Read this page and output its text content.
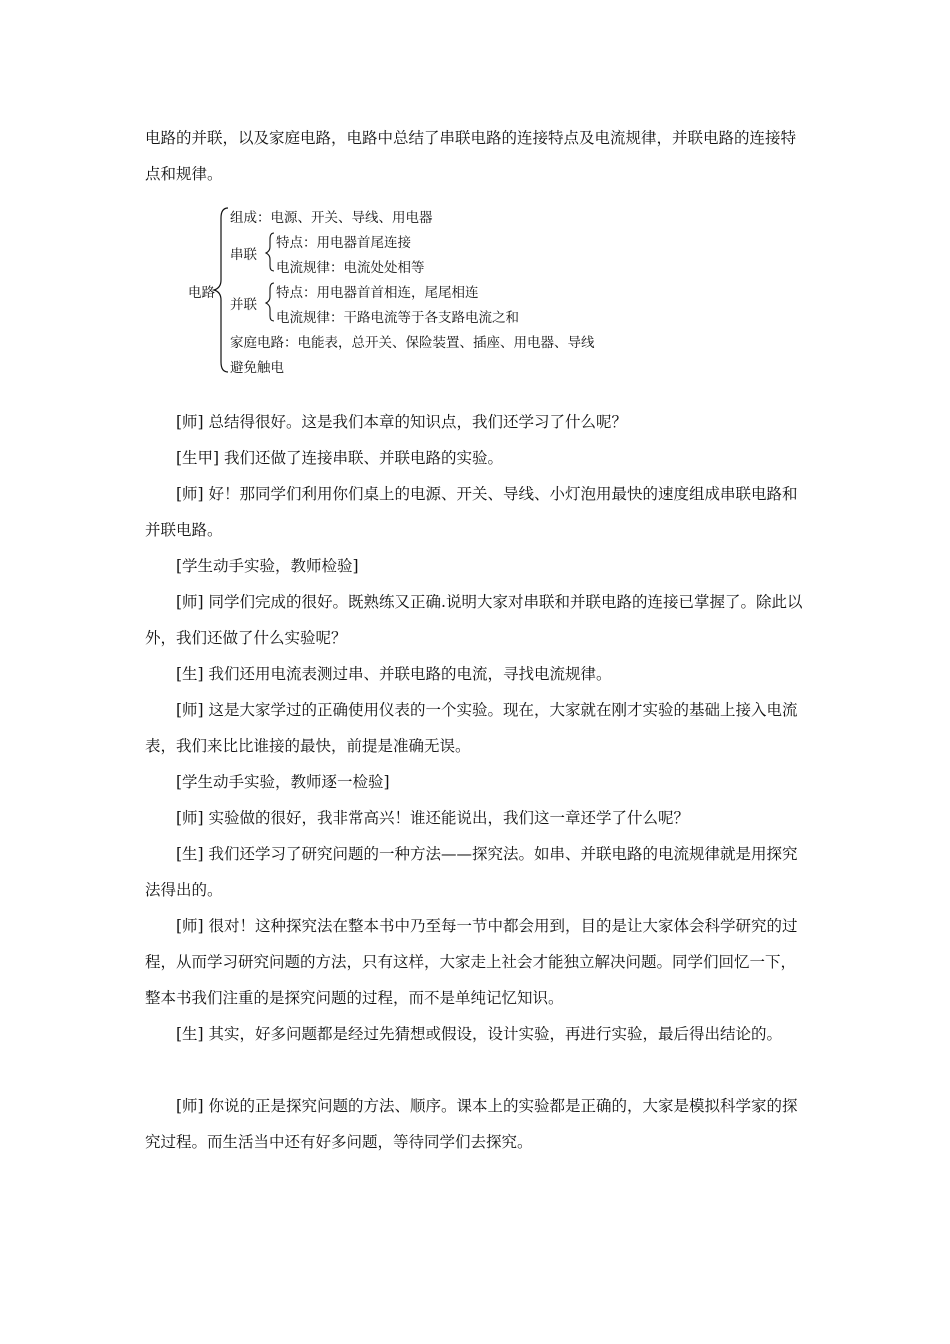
电路的并联，以及家庭电路，电路中总结了串联电路的连接特点及电流规律，并联电路的连接特点和规律。

电路
组成：电源、开关、导线、用电器
串联
特点：用电器首尾连接
电流规律：电流处处相等
并联
特点：用电器首首相连，尾尾相连
电流规律：干路电流等于各支路电流之和
家庭电路：电能表，总开关、保险装置、插座、用电器、导线
避免触电

[师] 总结得很好。这是我们本章的知识点，我们还学习了什么呢？

[生甲] 我们还做了连接串联、并联电路的实验。

[师] 好！那同学们利用你们桌上的电源、开关、导线、小灯泡用最快的速度组成串联电路和并联电路。

[学生动手实验，教师检验]

[师] 同学们完成的很好。既熟练又正确.说明大家对串联和并联电路的连接已掌握了。除此以外，我们还做了什么实验呢？

[生] 我们还用电流表测过串、并联电路的电流，寻找电流规律。

[师] 这是大家学过的正确使用仪表的一个实验。现在，大家就在刚才实验的基础上接入电流表，我们来比比谁接的最快，前提是准确无误。

[学生动手实验，教师逐一检验]

[师] 实验做的很好，我非常高兴！谁还能说出，我们这一章还学了什么呢？

[生] 我们还学习了研究问题的一种方法——探究法。如串、并联电路的电流规律就是用探究法得出的。

[师] 很对！这种探究法在整本书中乃至每一节中都会用到，目的是让大家体会科学研究的过程，从而学习研究问题的方法，只有这样，大家走上社会才能独立解决问题。同学们回忆一下，整本书我们注重的是探究问题的过程，而不是单纯记忆知识。

[生] 其实，好多问题都是经过先猜想或假设，设计实验，再进行实验，最后得出结论的。

[师] 你说的正是探究问题的方法、顺序。课本上的实验都是正确的，大家是模拟科学家的探究过程。而生活当中还有好多问题，等待同学们去探究。
